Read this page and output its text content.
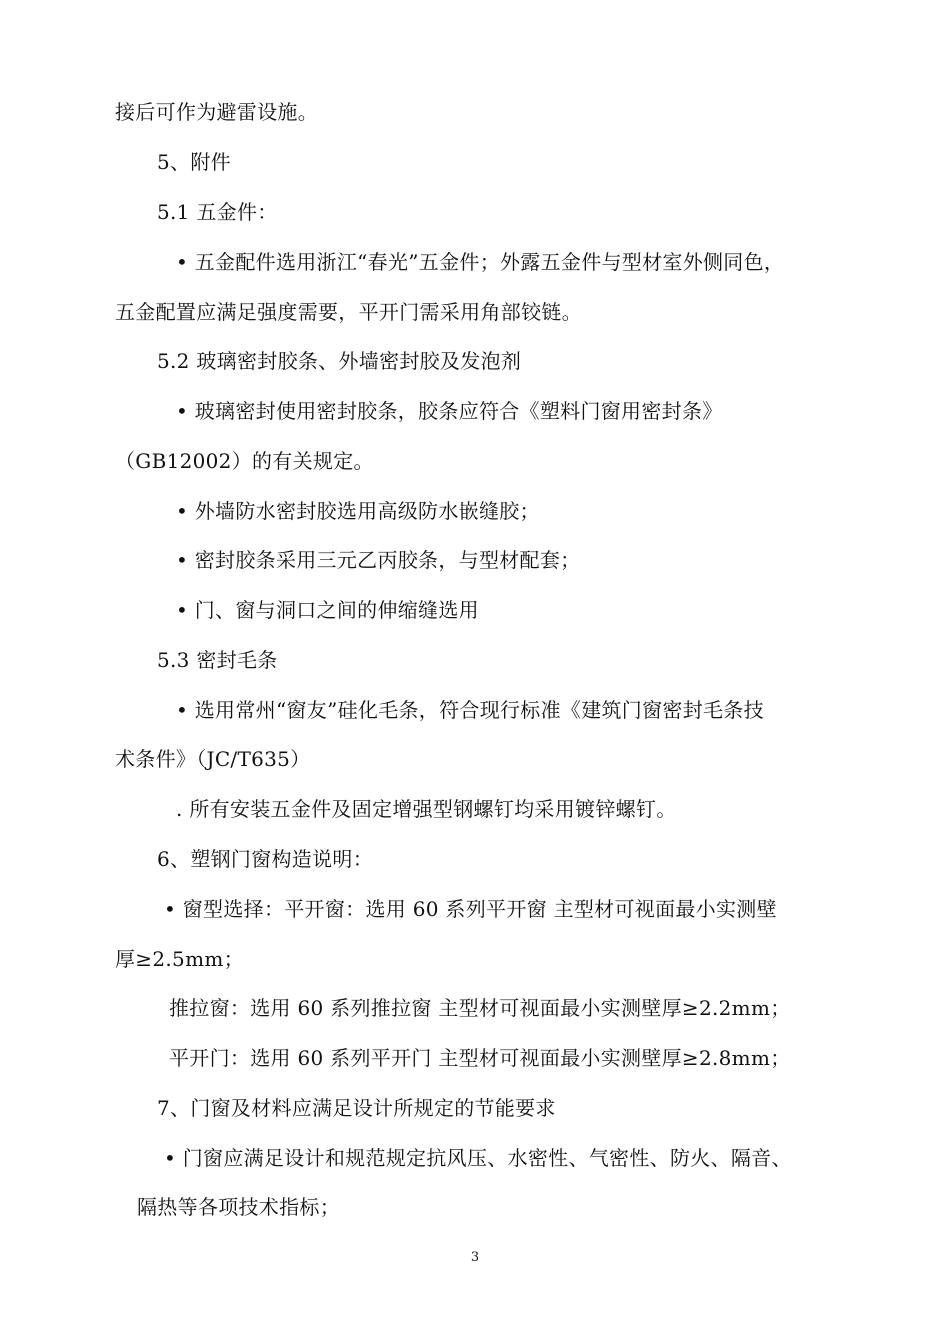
接后可作为避雷设施。
5、附件
5.1 五金件：
• 五金配件选用浙江“春光”五金件；外露五金件与型材室外侧同色，
五金配置应满足强度需要，平开门需采用角部铰链。
5.2 玻璃密封胶条、外墙密封胶及发泡剂
• 玻璃密封使用密封胶条，胶条应符合《塑料门窗用密封条》
（GB12002）的有关规定。
• 外墙防水密封胶选用高级防水嵌缝胶；
• 密封胶条采用三元乙丙胶条，与型材配套；
• 门、窗与洞口之间的伸缩缝选用
5.3 密封毛条
• 选用常州“窗友”硅化毛条，符合现行标准《建筑门窗密封毛条技
术条件》（JC/T635）
. 所有安装五金件及固定增强型钢螺钉均采用镀锌螺钉。
6、塑钢门窗构造说明：
• 窗型选择：平开窗：选用 60 系列平开窗 主型材可视面最小实测壁
厚≥2.5mm；
推拉窗：选用 60 系列推拉窗 主型材可视面最小实测壁厚≥2.2mm；
平开门：选用 60 系列平开门 主型材可视面最小实测壁厚≥2.8mm；
7、门窗及材料应满足设计所规定的节能要求
• 门窗应满足设计和规范规定抗风压、水密性、气密性、防火、隔音、
隔热等各项技术指标；
3
